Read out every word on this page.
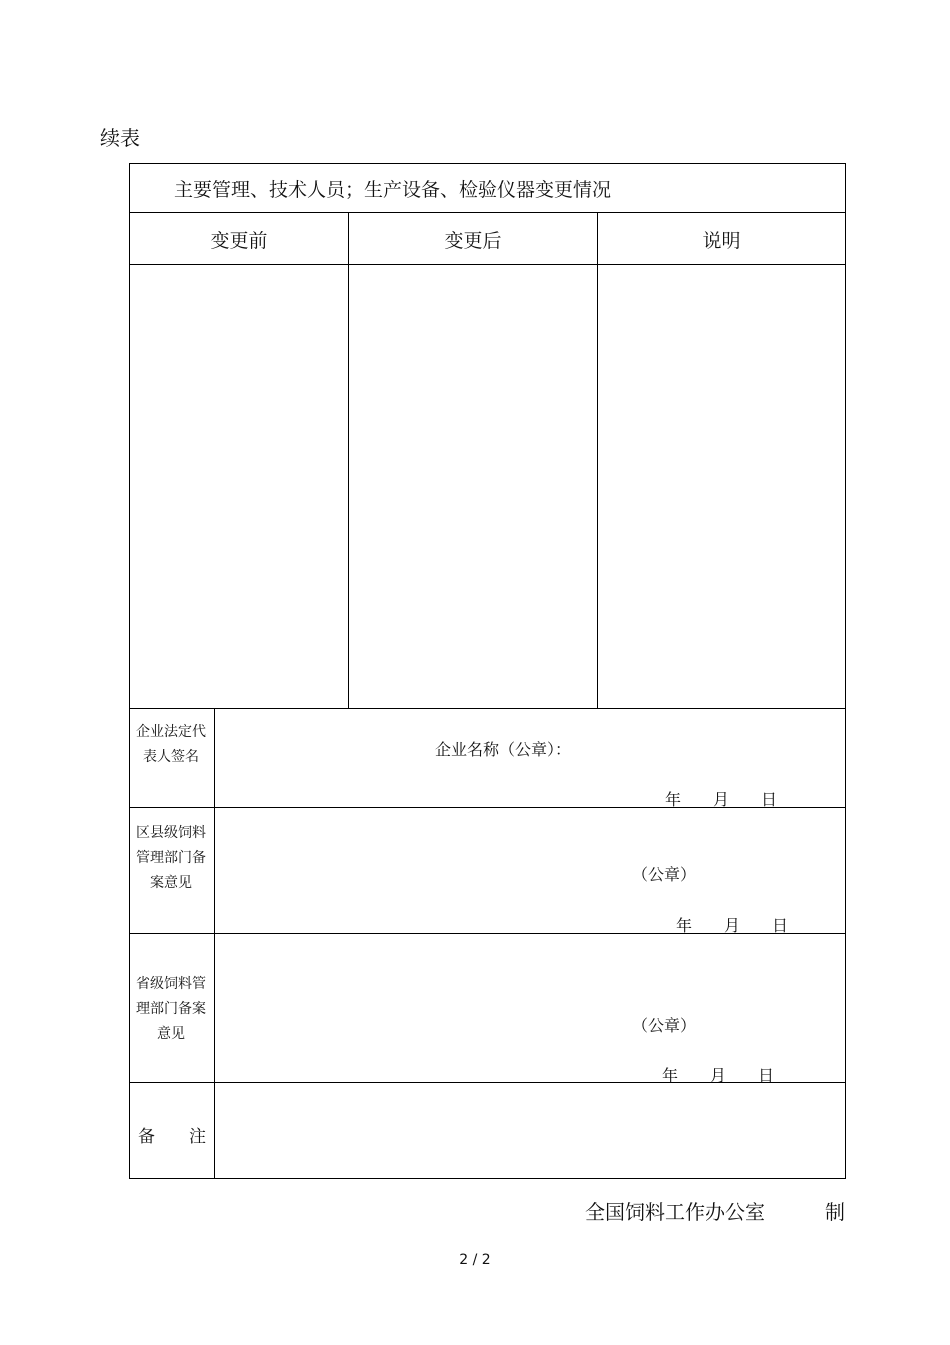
续表
主要管理、技术人员；生产设备、检验仪器变更情况
变更前	变更后	说明
企业法定代表人签名	企业名称（公章）：
年　　月　　日
区县级饲料管理部门备案意见	（公章）
年　　月　　日
省级饲料管理部门备案意见	（公章）
年　　月　　日
备　　注
全国饲料工作办公室	制
2 / 2
